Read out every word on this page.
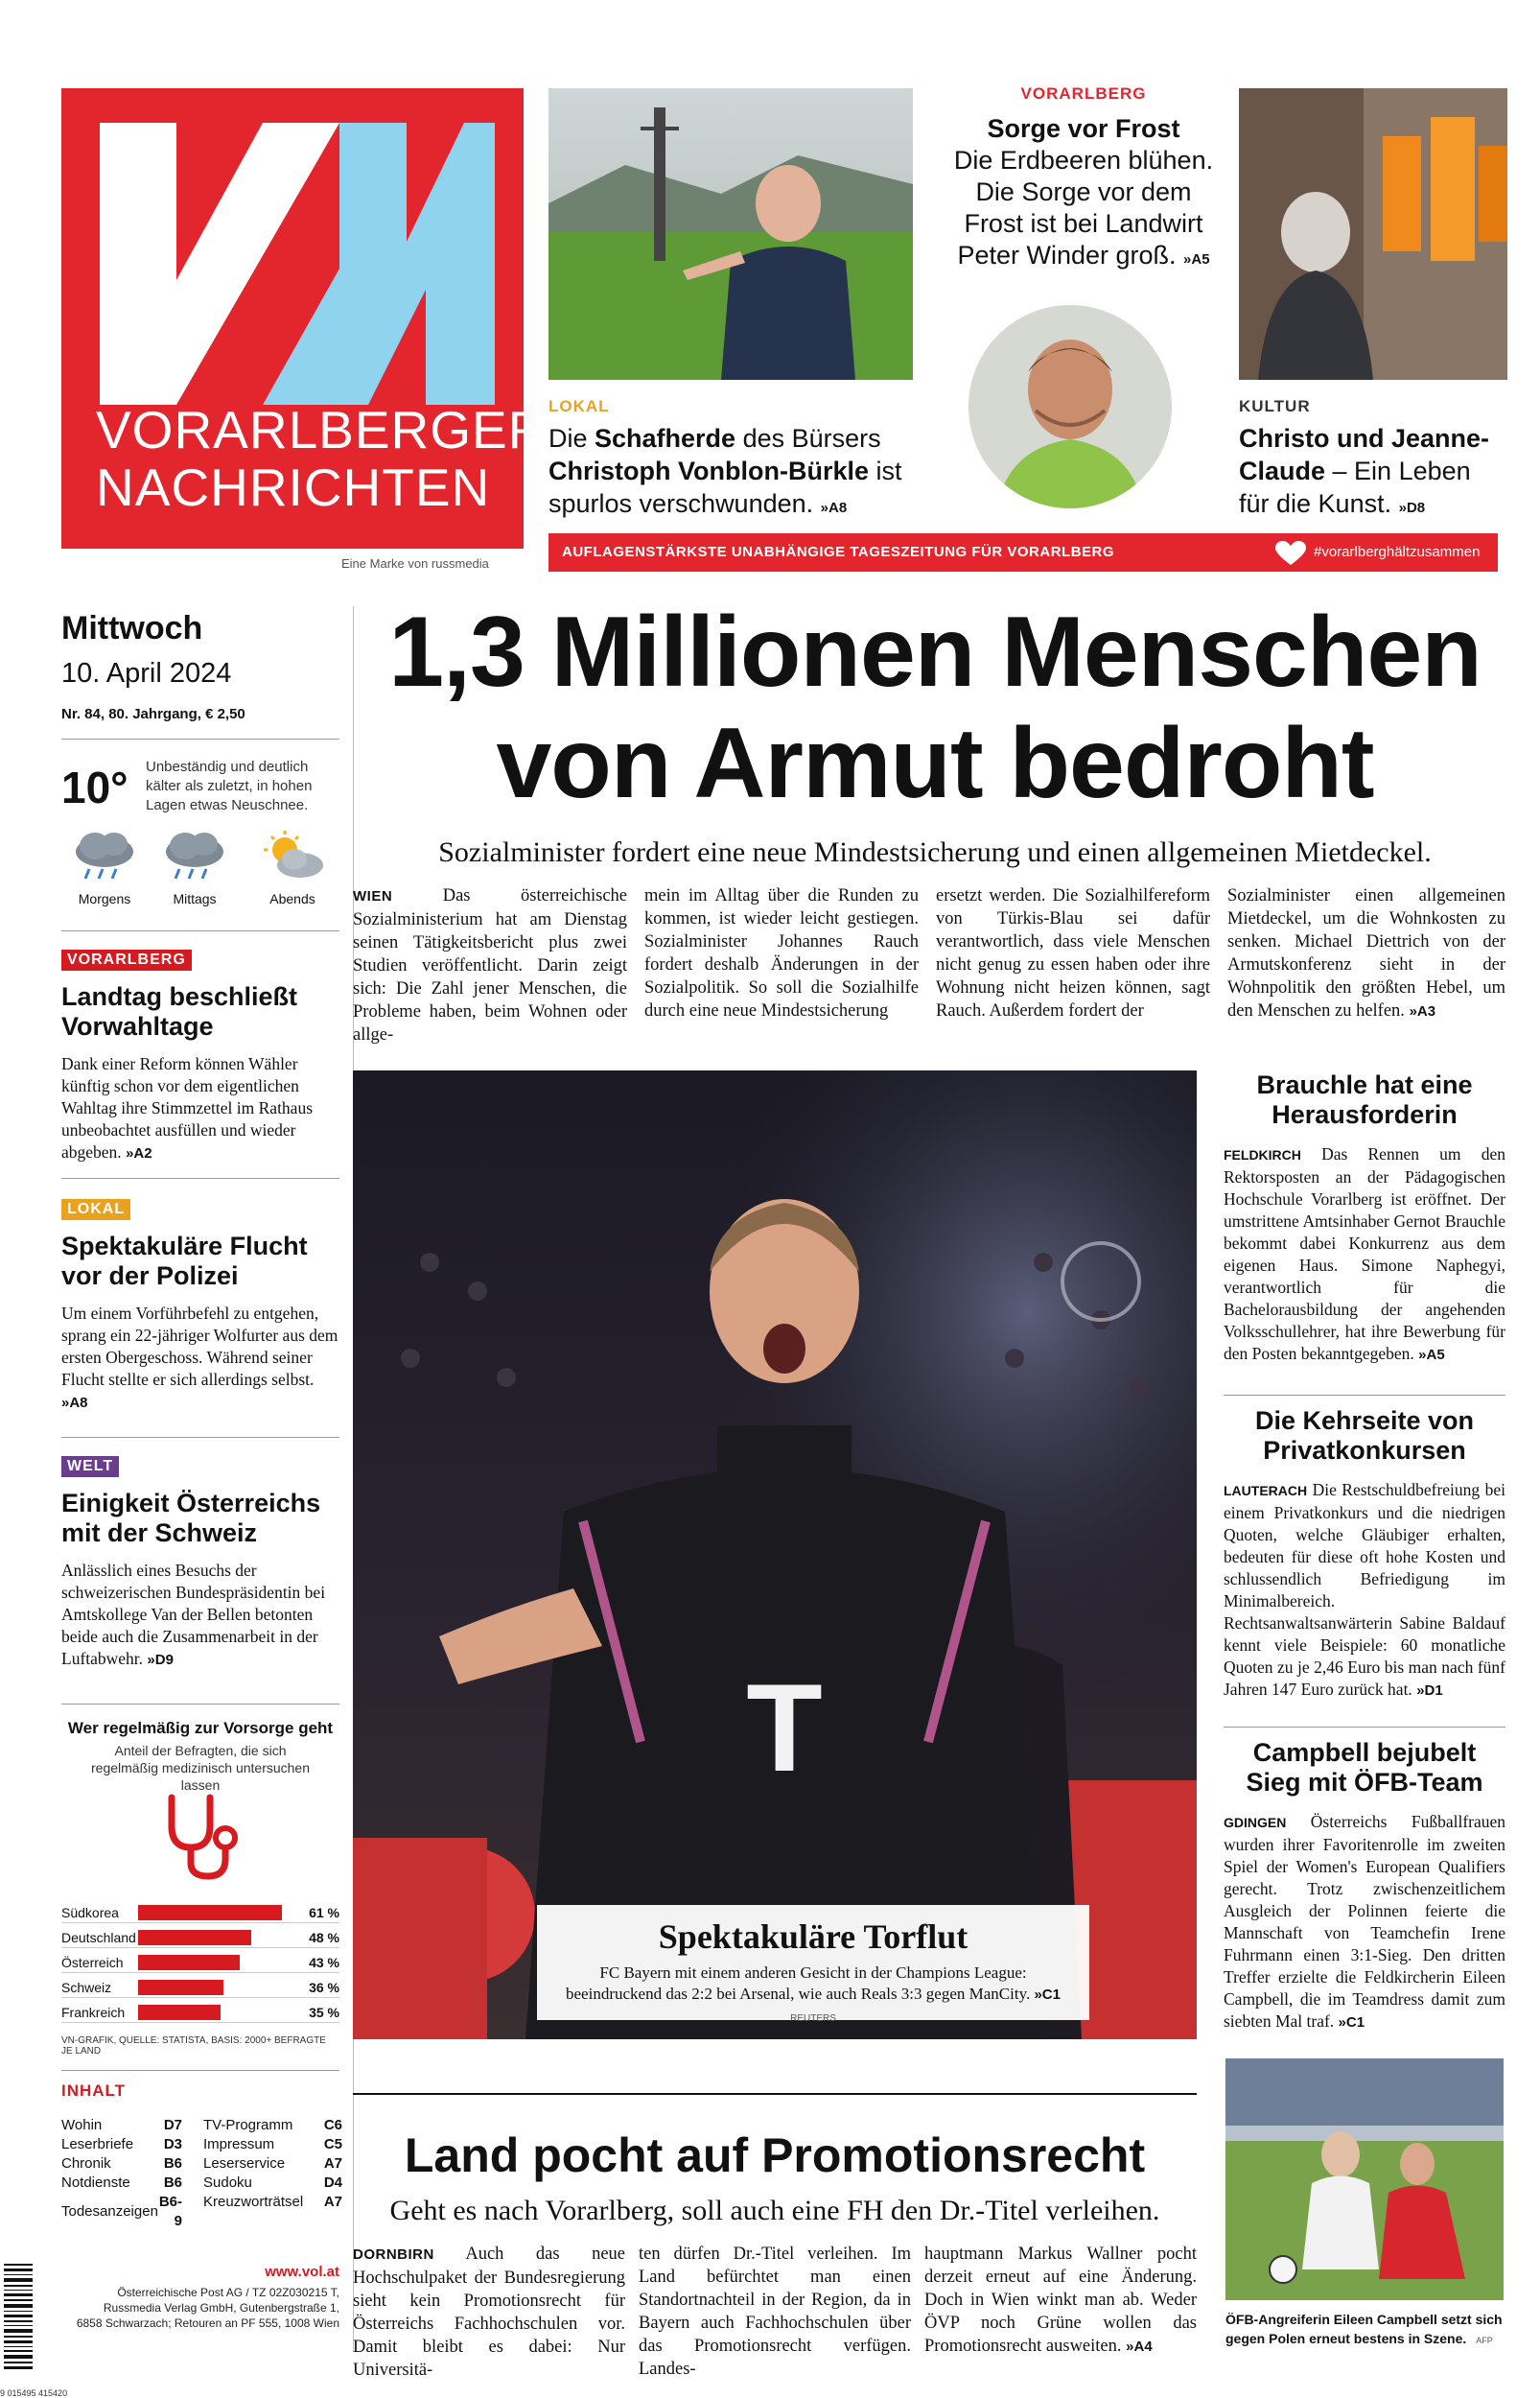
VORARLBERGER
NACHRICHTEN
Eine Marke von russmedia
AUFLAGENSTÄRKSTE UNABHÄNGIGE TAGESZEITUNG FÜR VORARLBERG	#vorarlberghältzusammen
LOKAL

Die Schafherde des Bürsers Christoph Vonblon-Bürkle ist spurlos verschwunden. »A8

VORARLBERG
Sorge vor Frost
Die Erdbeeren blühen. Die Sorge vor dem Frost ist bei Landwirt Peter Winder groß. »A5
KULTUR

Christo und Jeanne-Claude – Ein Leben für die Kunst. »D8

Mittwoch
10. April 2024
Nr. 84, 80. Jahrgang, € 2,50
10° Unbeständig und deutlich kälter als zuletzt, in hohen Lagen etwas Neuschnee.
Morgens	Mittags	Abends
VORARLBERG
Landtag beschließt Vorwahltage

Dank einer Reform können Wähler künftig schon vor dem eigentlichen Wahltag ihre Stimmzettel im Rathaus unbeobachtet ausfüllen und wieder abgeben. »A2

LOKAL
Spektakuläre Flucht vor der Polizei

Um einem Vorführbefehl zu entgehen, sprang ein 22-jähriger Wolfurter aus dem ersten Obergeschoss. Während seiner Flucht stellte er sich allerdings selbst. »A8

WELT
Einigkeit Österreichs mit der Schweiz

Anlässlich eines Besuchs der schweizerischen Bundespräsidentin bei Amtskollege Van der Bellen betonten beide auch die Zusammenarbeit in der Luftabwehr. »D9

Wer regelmäßig zur Vorsorge geht
Anteil der Befragten, die sich regelmäßig medizinisch untersuchen lassen
Südkorea	61 %
Deutschland	48 %
Österreich	43 %
Schweiz	36 %
Frankreich	35 %
VN-GRAFIK, QUELLE: STATISTA, BASIS: 2000+ BEFRAGTE JE LAND
INHALT
Wohin	D7
Leserbriefe	D3
Chronik	B6
Notdienste	B6
Todesanzeigen	B6-9
TV-Programm	C6
Impressum	C5
Leserservice	A7
Sudoku	D4
Kreuzworträtsel	A7
9 015495 415420
www.vol.at
Österreichische Post AG / TZ 02Z030215 T,
Russmedia Verlag GmbH, Gutenbergstraße 1,
6858 Schwarzach; Retouren an PF 555, 1008 Wien
1,3 Millionen Menschen
von Armut bedroht
Sozialminister fordert eine neue Mindestsicherung und einen allgemeinen Mietdeckel.

WIEN	Das österreichische Sozialministerium hat am Dienstag seinen Tätigkeitsbericht plus zwei Studien veröffentlicht. Darin zeigt sich: Die Zahl jener Menschen, die Probleme haben, beim Wohnen oder allge-

mein im Alltag über die Runden zu kommen, ist wieder leicht gestiegen. Sozialminister Johannes Rauch fordert deshalb Änderungen in der Sozialpolitik. So soll die Sozialhilfe durch eine neue Mindestsicherung

ersetzt werden. Die Sozialhilfereform von Türkis-Blau sei dafür verantwortlich, dass viele Menschen nicht genug zu essen haben oder ihre Wohnung nicht heizen können, sagt Rauch. Außerdem fordert der

Sozialminister einen allgemeinen Mietdeckel, um die Wohnkosten zu senken. Michael Diettrich von der Armutskonferenz sieht in der Wohnpolitik den größten Hebel, um den Menschen zu helfen. »A3

T
Spektakuläre Torflut
FC Bayern mit einem anderen Gesicht in der Champions League: beeindruckend das 2:2 bei Arsenal, wie auch Reals 3:3 gegen ManCity. »C1 REUTERS
Brauchle hat eine Herausforderin

FELDKIRCH Das Rennen um den Rektorsposten an der Pädagogischen Hochschule Vorarlberg ist eröffnet. Der umstrittene Amtsinhaber Gernot Brauchle bekommt dabei Konkurrenz aus dem eigenen Haus. Simone Naphegyi, verantwortlich für die Bachelorausbildung der angehenden Volksschullehrer, hat ihre Bewerbung für den Posten bekanntgegeben. »A5

Die Kehrseite von Privatkonkursen

LAUTERACH Die Restschuldbefreiung bei einem Privatkonkurs und die niedrigen Quoten, welche Gläubiger erhalten, bedeuten für diese oft hohe Kosten und schlussendlich Befriedigung im Minimalbereich. Rechtsanwaltsanwärterin Sabine Baldauf kennt viele Beispiele: 60 monatliche Quoten zu je 2,46 Euro bis man nach fünf Jahren 147 Euro zurück hat. »D1

Campbell bejubelt Sieg mit ÖFB-Team

GDINGEN Österreichs Fußballfrauen wurden ihrer Favoritenrolle im zweiten Spiel der Women's European Qualifiers gerecht. Trotz zwischenzeitlichem Ausgleich der Polinnen feierte die Mannschaft von Teamchefin Irene Fuhrmann einen 3:1-Sieg. Den dritten Treffer erzielte die Feldkircherin Eileen Campbell, die im Teamdress damit zum siebten Mal traf. »C1

ÖFB-Angreiferin Eileen Campbell setzt sich gegen Polen erneut bestens in Szene. AFP
Land pocht auf Promotionsrecht
Geht es nach Vorarlberg, soll auch eine FH den Dr.-Titel verleihen.

DORNBIRN Auch das neue Hochschulpaket der Bundesregierung sieht kein Promotionsrecht für Österreichs Fachhochschulen vor. Damit bleibt es dabei: Nur Universitä-

ten dürfen Dr.-Titel verleihen. Im Land befürchtet man einen Standortnachteil in der Region, da in Bayern auch Fachhochschulen über das Promotionsrecht verfügen. Landes-

hauptmann Markus Wallner pocht derzeit erneut auf eine Änderung. Doch in Wien winkt man ab. Weder ÖVP noch Grüne wollen das Promotionsrecht ausweiten. »A4
